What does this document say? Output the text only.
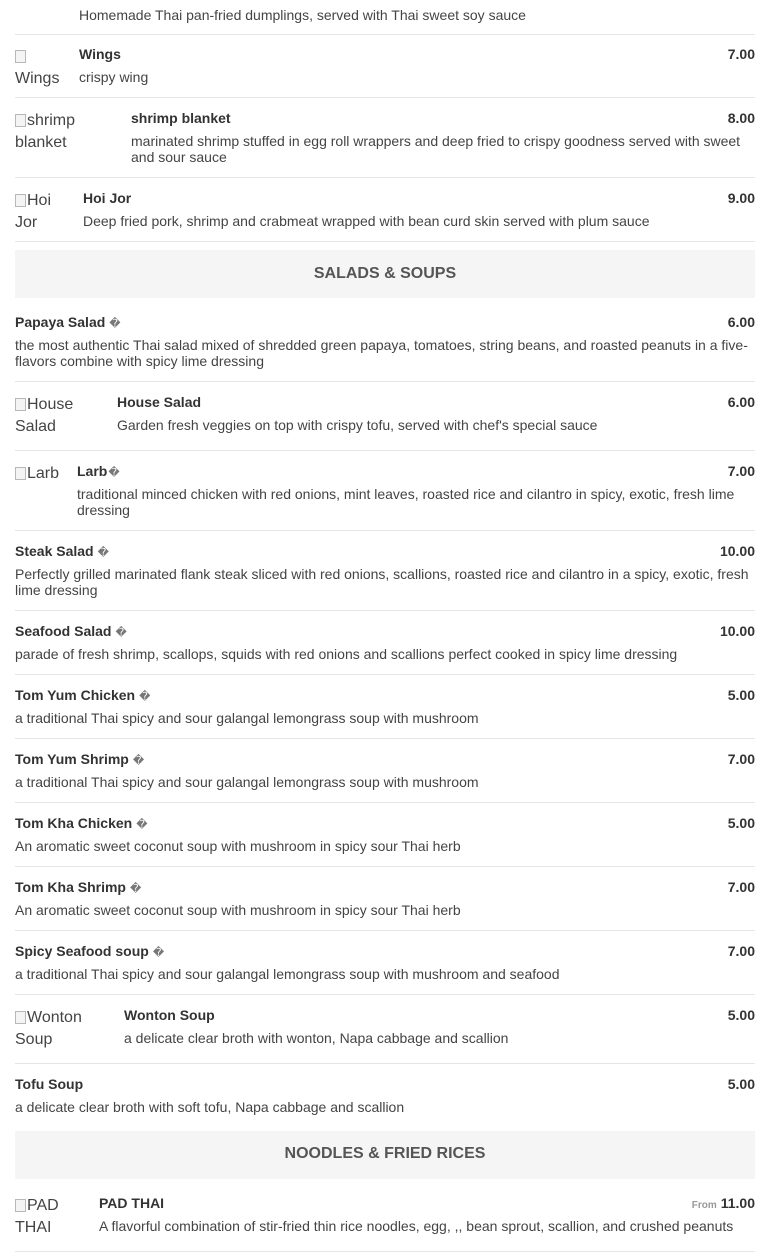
Homemade Thai pan-fried dumplings, served with Thai sweet soy sauce
Wings
Wings	7.00
crispy wing
shrimp blanket
shrimp blanket	8.00
marinated shrimp stuffed in egg roll wrappers and deep fried to crispy goodness served with sweet and sour sauce
Hoi Jor
Hoi Jor	9.00
Deep fried pork, shrimp and crabmeat wrapped with bean curd skin served with plum sauce
SALADS & SOUPS
Papaya Salad �	6.00
the most authentic Thai salad mixed of shredded green papaya, tomatoes, string beans, and roasted peanuts in a five-flavors combine with spicy lime dressing
House Salad
House Salad	6.00
Garden fresh veggies on top with crispy tofu, served with chef's special sauce
Larb	Larb�	7.00
traditional minced chicken with red onions, mint leaves, roasted rice and cilantro in spicy, exotic, fresh lime dressing
Steak Salad �	10.00
Perfectly grilled marinated flank steak sliced with red onions, scallions, roasted rice and cilantro in a spicy, exotic, fresh lime dressing
Seafood Salad �	10.00
parade of fresh shrimp, scallops, squids with red onions and scallions perfect cooked in spicy lime dressing
Tom Yum Chicken �	5.00
a traditional Thai spicy and sour galangal lemongrass soup with mushroom
Tom Yum Shrimp �	7.00
a traditional Thai spicy and sour galangal lemongrass soup with mushroom
Tom Kha Chicken �	5.00
An aromatic sweet coconut soup with mushroom in spicy sour Thai herb
Tom Kha Shrimp �	7.00
An aromatic sweet coconut soup with mushroom in spicy sour Thai herb
Spicy Seafood soup �	7.00
a traditional Thai spicy and sour galangal lemongrass soup with mushroom and seafood
Wonton Soup
Wonton Soup	5.00
a delicate clear broth with wonton, Napa cabbage and scallion
Tofu Soup	5.00
a delicate clear broth with soft tofu, Napa cabbage and scallion
NOODLES & FRIED RICES
PAD THAI
PAD THAI	From 11.00
A flavorful combination of stir-fried thin rice noodles, egg, ,, bean sprout, scallion, and crushed peanuts
